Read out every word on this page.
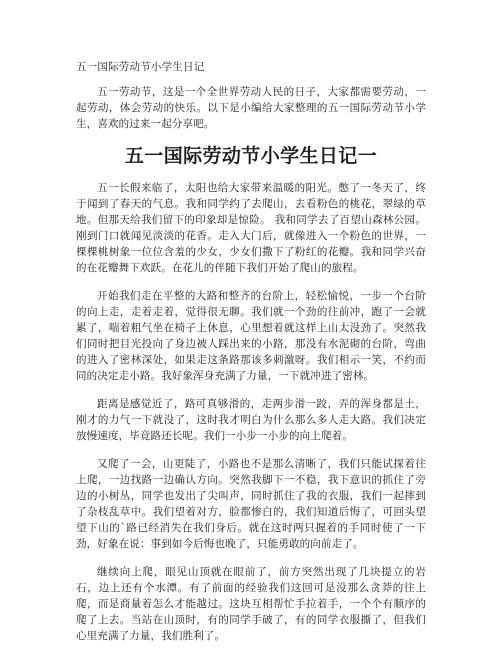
五一国际劳动节小学生日记

五一劳动节，这是一个全世界劳动人民的日子，大家都需要劳动，一起劳动，体会劳动的快乐。以下是小编给大家整理的五一国际劳动节小学生，喜欢的过来一起分享吧。

五一国际劳动节小学生日记一

五一长假来临了，太阳也给大家带来温暖的阳光。憋了一冬天了，终于闻到了春天的气息。我和同学约了去爬山，去看粉色的桃花，翠绿的草地。但那天给我们留下的印象却是惊险。 我和同学去了百望山森林公园。刚到门口就闻见淡淡的花香。走入大门后，就像进入一个粉色的世界，一棵棵桃树象一位位含羞的少女，少女们撒下了粉红的花瓣。我和同学兴奋的在花瓣舞下欢跃。在花儿的伴随下我们开始了爬山的旅程。

开始我们走在平整的大路和整齐的台阶上，轻松愉悦，一步一个台阶的向上走，走着走着，觉得很无聊。我们就一个劲的往前冲，跑了一会就累了，喘着粗气坐在椅子上休息，心里想着就这样上山太没劲了。突然我们同时把目光投向了身边被人踩出来的小路，那没有水泥砌的台阶，弯曲的进入了密林深处，如果走这条路那该多刺激呀。我们相示一笑，不约而同的决定走小路。我好象浑身充满了力量，一下就冲进了密林。

距离是感觉近了，路可真够滑的，走两步滑一跤，弄的浑身都是土，刚才的力气一下就没了，这时我才明白为什么那么多人走大路。我们决定放慢速度，毕竟路还长呢。我们一小步一小步的向上爬着。

又爬了一会，山更陡了，小路也不是那么清晰了，我们只能试探着往上爬，一边找路一边确认方向。突然我脚下一不稳，我下意识的抓住了旁边的小树丛，同学也发出了尖叫声，同时抓住了我的衣服，我们一起摔到了杂枝乱草中。我们望着对方，脸都惨白的，我们知道后悔了，可回头望望下山的`路已经消失在我们身后。就在这时两只握着的手同时使了一下劲，好象在说：事到如今后悔也晚了，只能勇敢的向前走了。

继续向上爬，眼见山顶就在眼前了，前方突然出现了几块提立的岩石，边上还有个水潭。有了前面的经验我们这回可是没那么贪莽的往上爬，而是商量着怎么才能越过。这块互相帮忙手拉着手，一个个有顺序的爬了上去。当站在山顶时，有的同学手破了，有的同学衣服撕了，但我们心里充满了力量，我们胜利了。
